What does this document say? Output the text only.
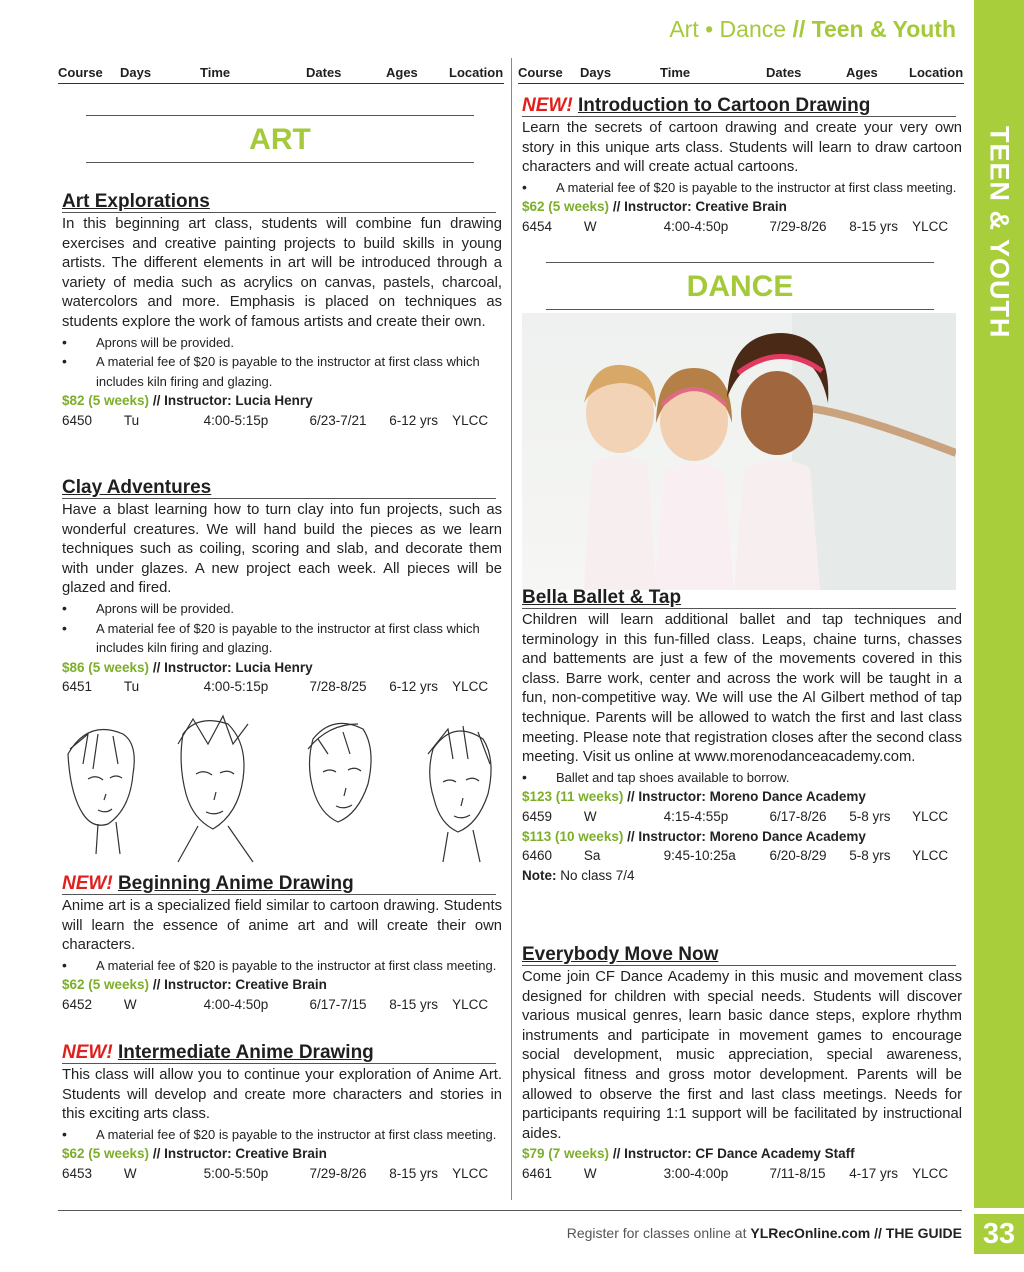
Art • Dance // Teen & Youth
TEEN & YOUTH
Course	Days	Time	Dates	Ages	Location Course	Days	Time	Dates	Ages	Location
ART
Art Explorations

In this beginning art class, students will combine fun drawing exercises and creative painting projects to build skills in young artists. The different elements in art will be introduced through a variety of media such as acrylics on canvas, pastels, charcoal, watercolors and more. Emphasis is placed on techniques as students explore the work of famous artists and create their own.

• Aprons will be provided.
• A material fee of $20 is payable to the instructor at first class which includes kiln firing and glazing.
$82 (5 weeks) // Instructor: Lucia Henry
6450	Tu	4:00-5:15p	6/23-7/21	6-12 yrs	YLCC
Clay Adventures

Have a blast learning how to turn clay into fun projects, such as wonderful creatures. We will hand build the pieces as we learn techniques such as coiling, scoring and slab, and decorate them with under glazes. A new project each week. All pieces will be glazed and fired.

• Aprons will be provided.
• A material fee of $20 is payable to the instructor at first class which includes kiln firing and glazing.
$86 (5 weeks) // Instructor: Lucia Henry
6451	Tu	4:00-5:15p	7/28-8/25	6-12 yrs	YLCC
NEW! Beginning Anime Drawing

Anime art is a specialized field similar to cartoon drawing. Students will learn the essence of anime art and will create their own characters.

• A material fee of $20 is payable to the instructor at first class meeting.
$62 (5 weeks) // Instructor: Creative Brain
6452	W	4:00-4:50p	6/17-7/15	8-15 yrs	YLCC
NEW! Intermediate Anime Drawing

This class will allow you to continue your exploration of Anime Art. Students will develop and create more characters and stories in this exciting arts class.

• A material fee of $20 is payable to the instructor at first class meeting.
$62 (5 weeks) // Instructor: Creative Brain
6453	W	5:00-5:50p	7/29-8/26	8-15 yrs	YLCC
NEW! Introduction to Cartoon Drawing

Learn the secrets of cartoon drawing and create your very own story in this unique arts class. Students will learn to draw cartoon characters and will create actual cartoons.

• A material fee of $20 is payable to the instructor at first class meeting.
$62 (5 weeks) // Instructor: Creative Brain
6454	W	4:00-4:50p	7/29-8/26	8-15 yrs	YLCC
DANCE
Bella Ballet & Tap

Children will learn additional ballet and tap techniques and terminology in this fun-filled class. Leaps, chaine turns, chasses and battements are just a few of the movements covered in this class. Barre work, center and across the work will be taught in a fun, non-competitive way. We will use the Al Gilbert method of tap technique. Parents will be allowed to watch the first and last class meeting. Please note that registration closes after the second class meeting. Visit us online at www.morenodanceacademy.com.

• Ballet and tap shoes available to borrow.
$123 (11 weeks) // Instructor: Moreno Dance Academy
6459	W	4:15-4:55p	6/17-8/26	5-8 yrs	YLCC
$113 (10 weeks) // Instructor: Moreno Dance Academy
6460	Sa	9:45-10:25a	6/20-8/29	5-8 yrs	YLCC
Note: No class 7/4
Everybody Move Now

Come join CF Dance Academy in this music and movement class designed for children with special needs. Students will discover various musical genres, learn basic dance steps, explore rhythm instruments and participate in movement games to encourage social development, music appreciation, special awareness, physical fitness and gross motor development. Parents will be allowed to observe the first and last class meetings. Needs for participants requiring 1:1 support will be facilitated by instructional aides.

$79 (7 weeks) // Instructor: CF Dance Academy Staff
6461	W	3:00-4:00p	7/11-8/15	4-17 yrs	YLCC
Register for classes online at YLRecOnline.com // THE GUIDE 33
